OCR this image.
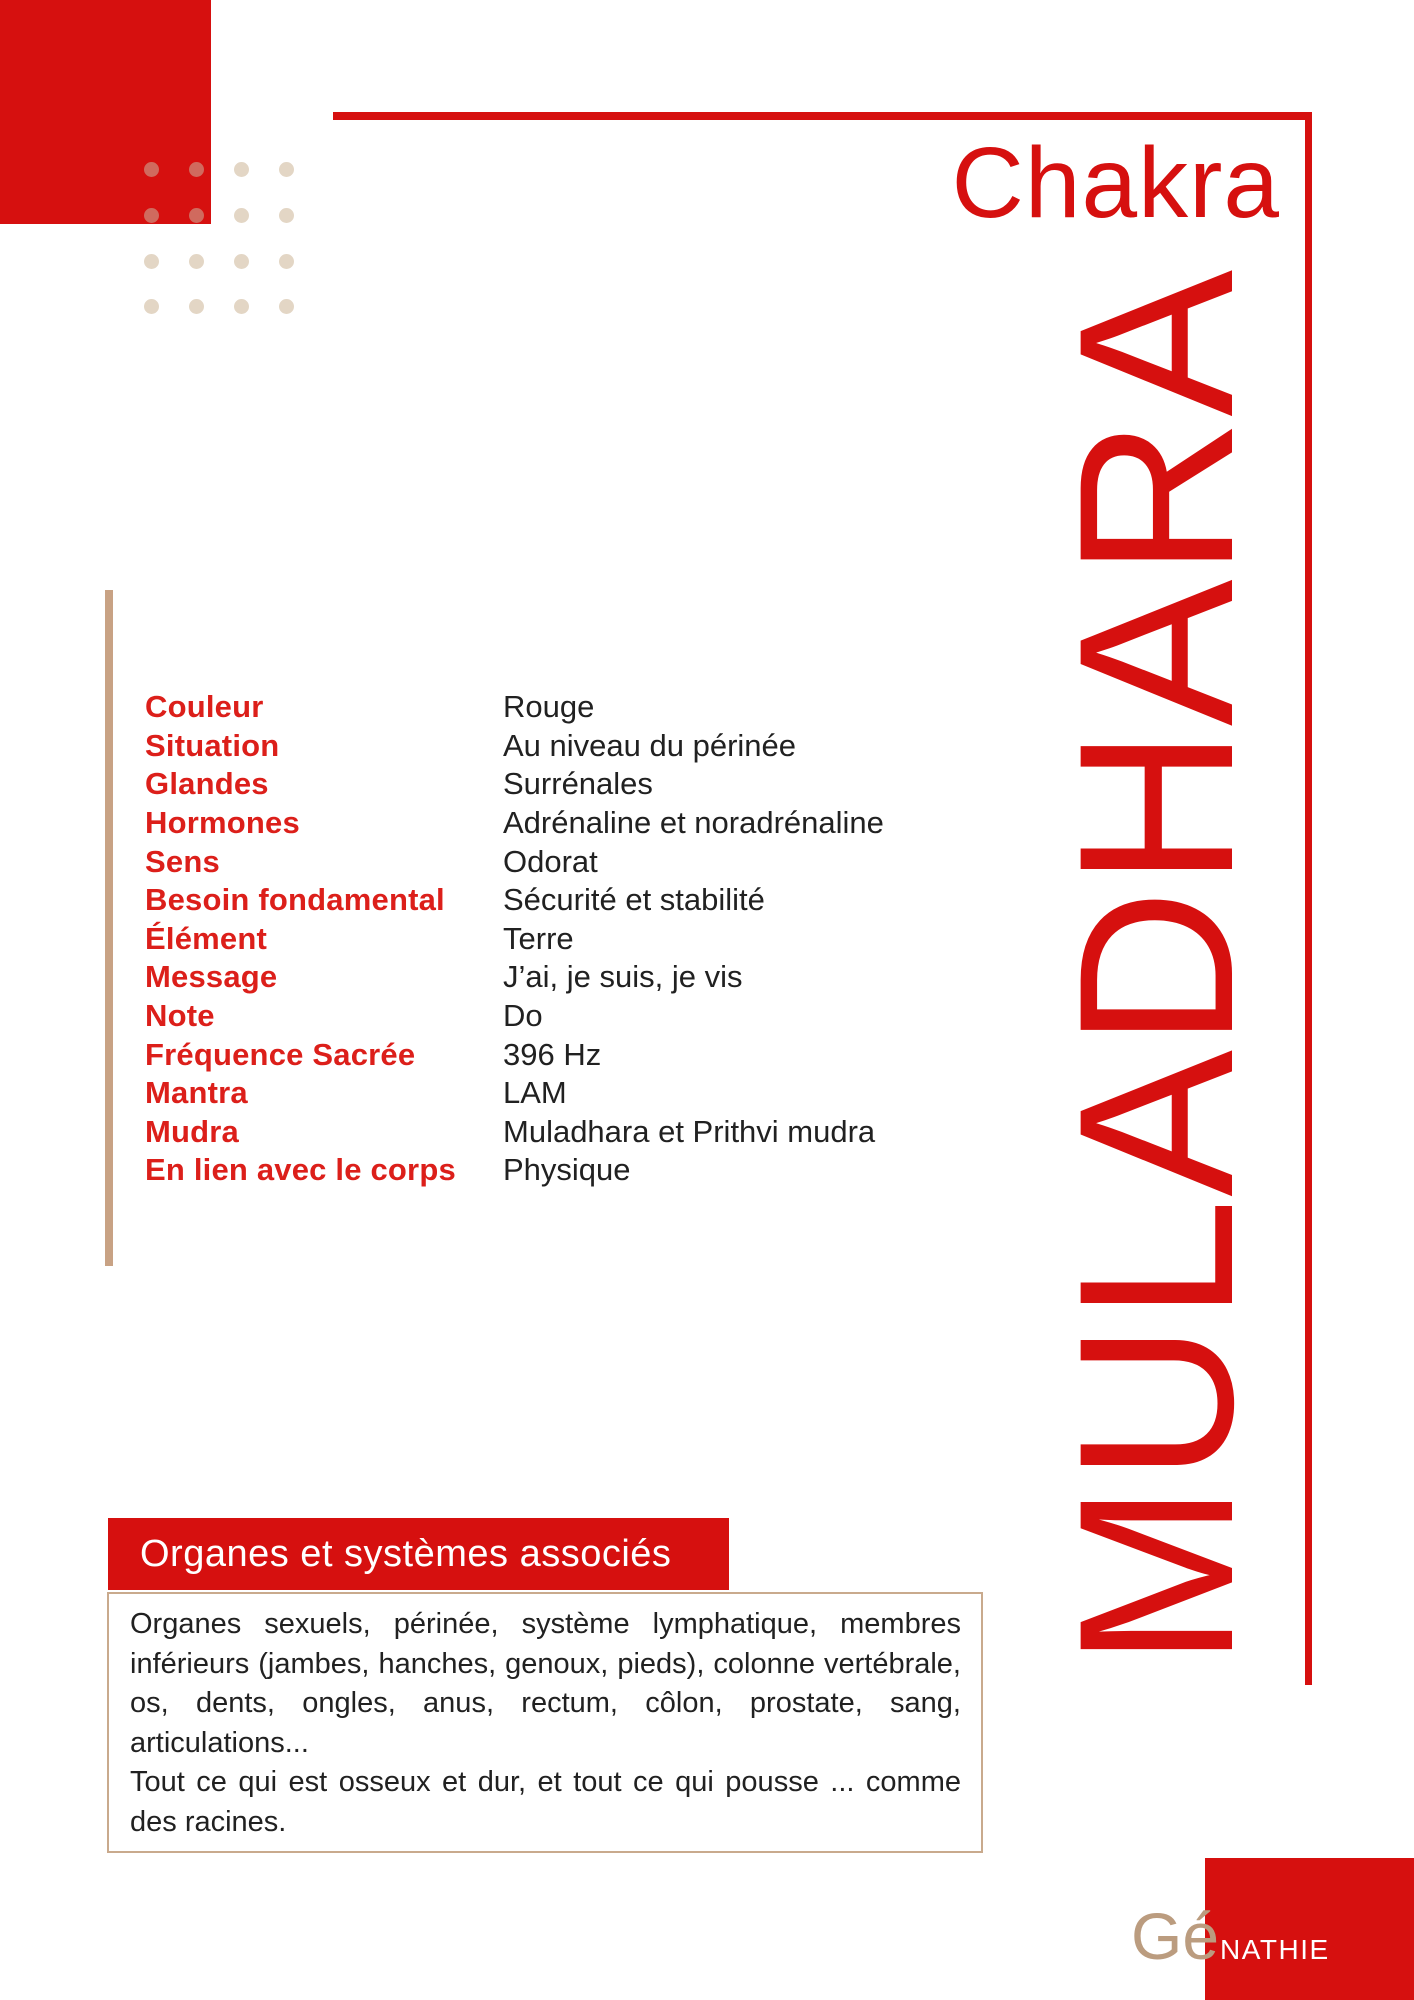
Chakra
MULADHARA
Couleur	Rouge
Situation	Au niveau du périnée
Glandes	Surrénales
Hormones	Adrénaline et noradrénaline
Sens	Odorat
Besoin fondamental	Sécurité et stabilité
Élément	Terre
Message	J’ai, je suis, je vis
Note	Do
Fréquence Sacrée	396 Hz
Mantra	LAM
Mudra	Muladhara et Prithvi mudra
En lien avec le corps	Physique
Organes et systèmes associés

Organes sexuels, périnée, système lymphatique, membres inférieurs (jambes, hanches, genoux, pieds), colonne vertébrale, os, dents, ongles, anus, rectum, côlon, prostate, sang, articulations...

Tout ce qui est osseux et dur, et tout ce qui pousse ... comme des racines.

Gé NATHIE
